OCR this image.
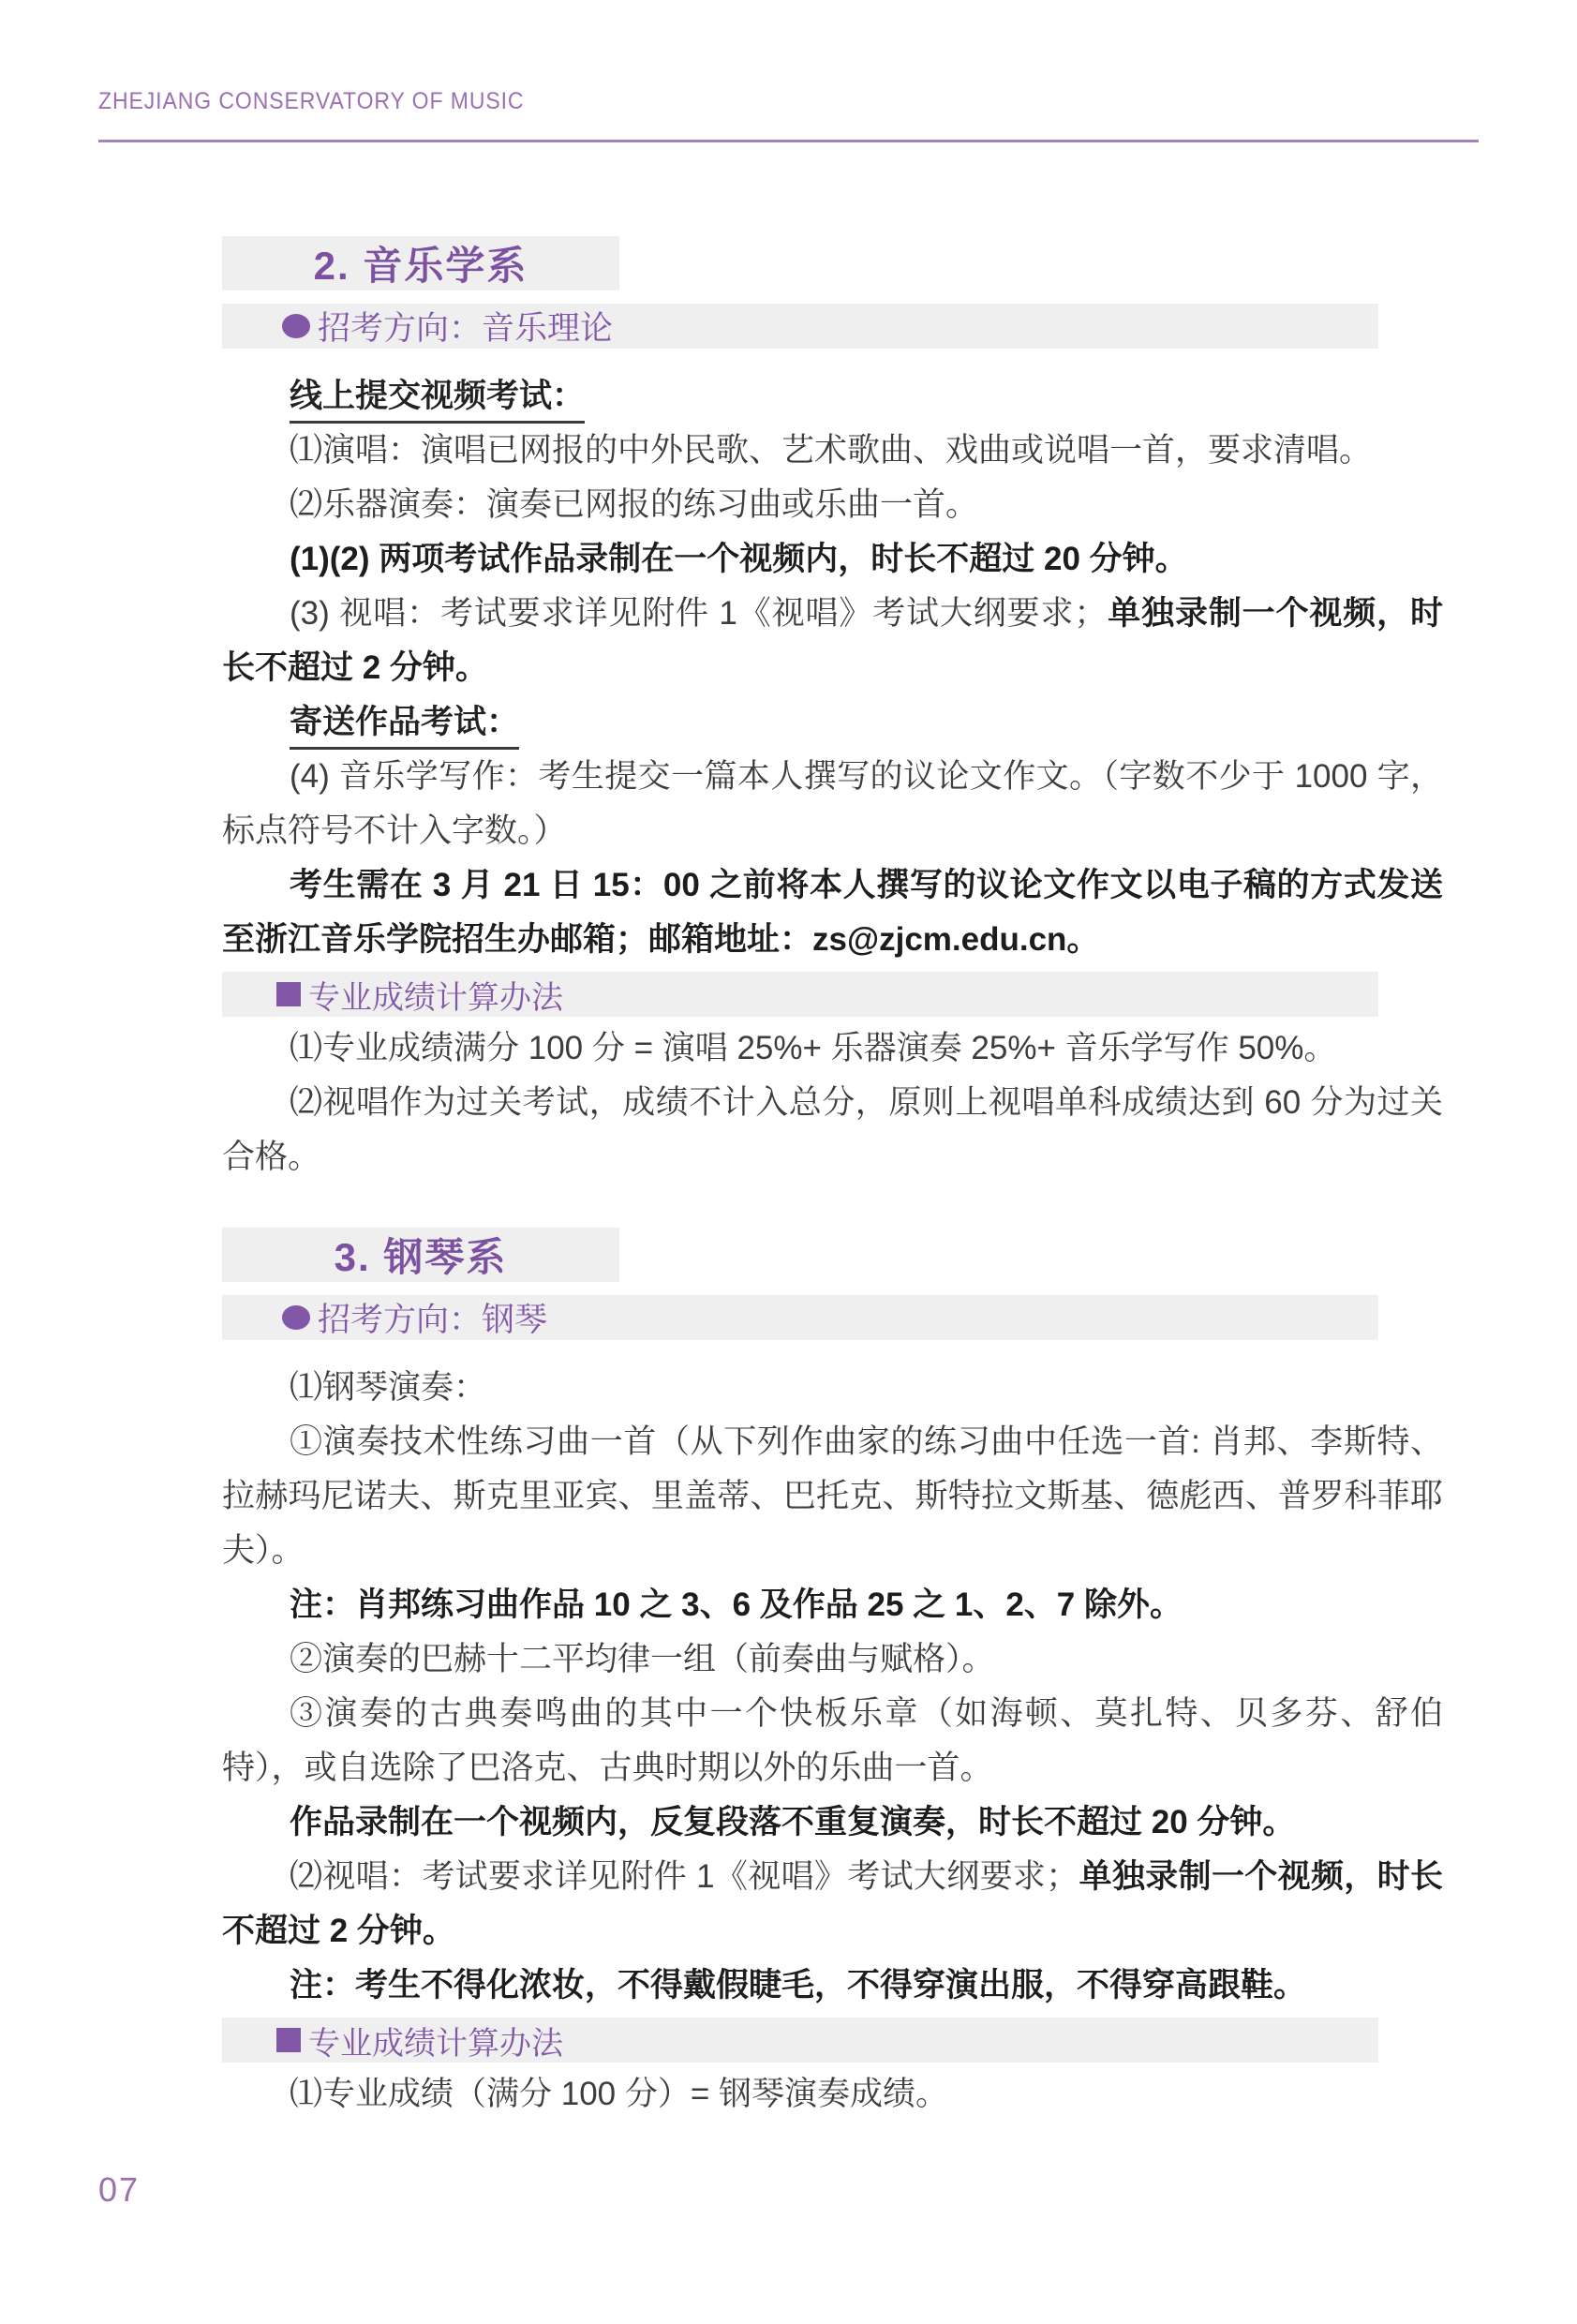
ZHEJIANG CONSERVATORY OF MUSIC
2. 音乐学系
招考方向：音乐理论

线上提交视频考试：

⑴演唱：演唱已网报的中外民歌、艺术歌曲、戏曲或说唱一首，要求清唱。

⑵乐器演奏：演奏已网报的练习曲或乐曲一首。

(1)(2) 两项考试作品录制在一个视频内，时长不超过 20 分钟。

(3) 视唱：考试要求详见附件 1《视唱》考试大纲要求；单独录制一个视频，时长不超过 2 分钟。

寄送作品考试：

(4) 音乐学写作：考生提交一篇本人撰写的议论文作文。（字数不少于 1000 字，标点符号不计入字数。）

考生需在 3 月 21 日 15：00 之前将本人撰写的议论文作文以电子稿的方式发送至浙江音乐学院招生办邮箱；邮箱地址：zs@zjcm.edu.cn。

专业成绩计算办法

⑴专业成绩满分 100 分 = 演唱 25%+ 乐器演奏 25%+ 音乐学写作 50%。

⑵视唱作为过关考试，成绩不计入总分，原则上视唱单科成绩达到 60 分为过关合格。

3. 钢琴系
招考方向：钢琴

⑴钢琴演奏：

①演奏技术性练习曲一首（从下列作曲家的练习曲中任选一首: 肖邦、李斯特、拉赫玛尼诺夫、斯克里亚宾、里盖蒂、巴托克、斯特拉文斯基、德彪西、普罗科菲耶夫）。

注：肖邦练习曲作品 10 之 3、6 及作品 25 之 1、2、7 除外。

②演奏的巴赫十二平均律一组（前奏曲与赋格）。

③演奏的古典奏鸣曲的其中一个快板乐章（如海顿、莫扎特、贝多芬、舒伯特），或自选除了巴洛克、古典时期以外的乐曲一首。

作品录制在一个视频内，反复段落不重复演奏，时长不超过 20 分钟。

⑵视唱：考试要求详见附件 1《视唱》考试大纲要求；单独录制一个视频，时长不超过 2 分钟。

注：考生不得化浓妆，不得戴假睫毛，不得穿演出服，不得穿高跟鞋。

专业成绩计算办法

⑴专业成绩（满分 100 分）= 钢琴演奏成绩。

07
